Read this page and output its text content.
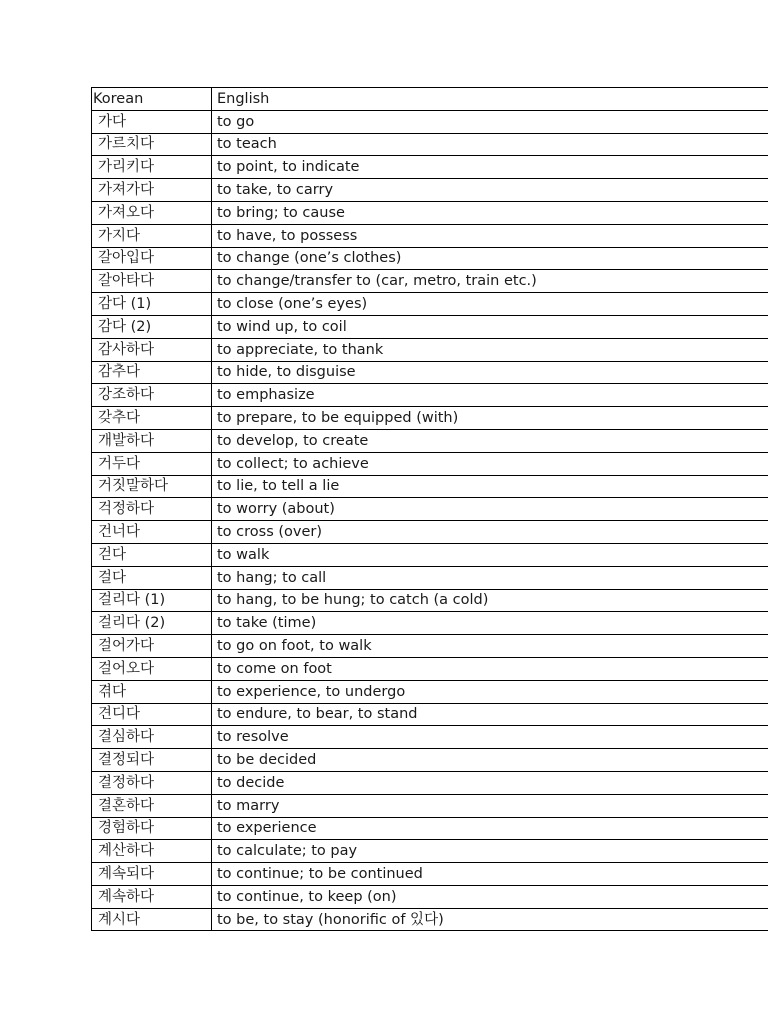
Korean	English
가다	to go
가르치다	to teach
가리키다	to point, to indicate
가져가다	to take, to carry
가져오다	to bring; to cause
가지다	to have, to possess
갈아입다	to change (one’s clothes)
갈아타다	to change/transfer to (car, metro, train etc.)
감다 (1)	to close (one’s eyes)
감다 (2)	to wind up, to coil
감사하다	to appreciate, to thank
감추다	to hide, to disguise
강조하다	to emphasize
갖추다	to prepare, to be equipped (with)
개발하다	to develop, to create
거두다	to collect; to achieve
거짓말하다	to lie, to tell a lie
걱정하다	to worry (about)
건너다	to cross (over)
걷다	to walk
걸다	to hang; to call
걸리다 (1)	to hang, to be hung; to catch (a cold)
걸리다 (2)	to take (time)
걸어가다	to go on foot, to walk
걸어오다	to come on foot
겪다	to experience, to undergo
견디다	to endure, to bear, to stand
결심하다	to resolve
결정되다	to be decided
결정하다	to decide
결혼하다	to marry
경험하다	to experience
계산하다	to calculate; to pay
계속되다	to continue; to be continued
계속하다	to continue, to keep (on)
계시다	to be, to stay (honorific of 있다)
